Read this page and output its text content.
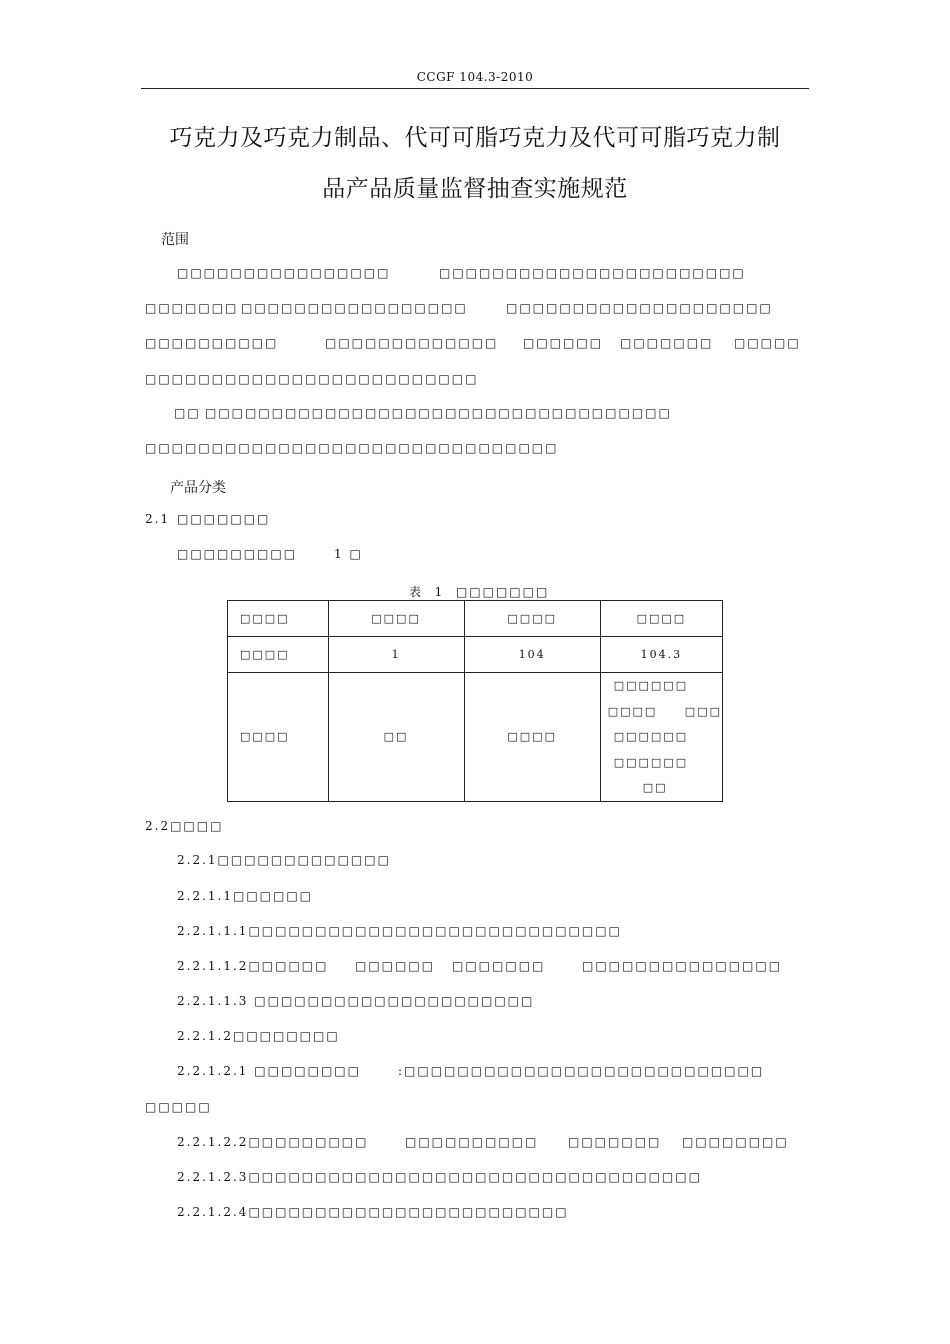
CCGF 104.3-2010
巧克力及巧克力制品、代可可脂巧克力及代可可脂巧克力制
品产品质量监督抽查实施规范
范围
□□□□□□□□□□□□□□□□	□□□□□□□□□□□□□□□□□□□□□□□
□□□□□□□ □□□□□□□□□□□□□□□□□	□□□□□□□□□□□□□□□□□□□□
□□□□□□□□□□	□□□□□□□□□□□□□ □□□□□□ □□□□□□□ □□□□□
□□□□□□□□□□□□□□□□□□□□□□□□□
□□ □□□□□□□□□□□□□□□□□□□□□□□□□□□□□□□□□□□
□□□□□□□□□□□□□□□□□□□□□□□□□□□□□□□
产品分类
2.1 □□□□□□□
□□□□□□□□□	1 □
表 1 □□□□□□□
□□□□	□□□□	□□□□	□□□□
□□□□	1	104	104.3
□□□□	□□	□□□□	□□□□□□
□□□□     □□□
□□□□□□
□□□□□□
□□
2.2□□□□
2.2.1□□□□□□□□□□□□□
2.2.1.1□□□□□□
2.2.1.1.1□□□□□□□□□□□□□□□□□□□□□□□□□□□□
2.2.1.1.2□□□□□□ □□□□□□ □□□□□□□	□□□□□□□□□□□□□□□
2.2.1.1.3 □□□□□□□□□□□□□□□□□□□□□
2.2.1.2□□□□□□□□
2.2.1.2.1 □□□□□□□□	:□□□□□□□□□□□□□□□□□□□□□□□□□□□
□□□□□
2.2.1.2.2□□□□□□□□□	□□□□□□□□□□ □□□□□□□ □□□□□□□□
2.2.1.2.3□□□□□□□□□□□□□□□□□□□□□□□□□□□□□□□□□□
2.2.1.2.4□□□□□□□□□□□□□□□□□□□□□□□□
